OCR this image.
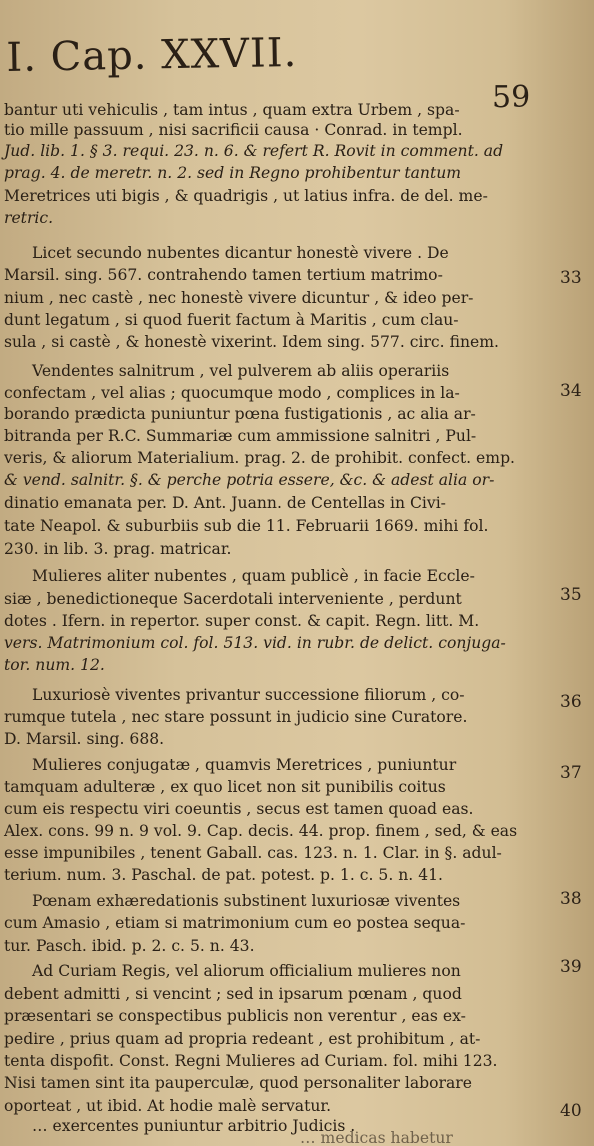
I. Cap. XXVII.
59
bantur uti vehiculis , tam intus , quam extra Urbem , spa-
tio mille passuum , nisi sacrificii causa · Conrad. in templ.
Jud. lib. 1. § 3. requi. 23. n. 6. & refert R. Rovit in comment. ad
prag. 4. de meretr. n. 2. sed in Regno prohibentur tantum
Meretrices uti bigis , & quadrigis , ut latius infra. de del. me-
retric.
Licet secundo nubentes dicantur honestè vivere . De
Marsil. sing. 567. contrahendo tamen tertium matrimo-
nium , nec castè , nec honestè vivere dicuntur , & ideo per-
dunt legatum , si quod fuerit factum à Maritis , cum clau-
sula , si castè , & honestè vixerint. Idem sing. 577. circ. finem.
Vendentes salnitrum , vel pulverem ab aliis operariis
confectam , vel alias ; quocumque modo , complices in la-
borando prædicta puniuntur pœna fustigationis , ac alia ar-
bitranda per R.C. Summariæ cum ammissione salnitri , Pul-
veris, & aliorum Materialium. prag. 2. de prohibit. confect. emp.
& vend. salnitr. §. & perche potria essere, &c. & adest alia or-
dinatio emanata per. D. Ant. Juann. de Centellas in Civi-
tate Neapol. & suburbiis sub die 11. Februarii 1669. mihi fol.
230. in lib. 3. prag. matricar.
Mulieres aliter nubentes , quam publicè , in facie Eccle-
siæ , benedictioneque Sacerdotali interveniente , perdunt
dotes . Ifern. in repertor. super const. & capit. Regn. litt. M.
vers. Matrimonium col. fol. 513. vid. in rubr. de delict. conjuga-
tor. num. 12.
Luxuriosè viventes privantur successione filiorum , co-
rumque tutela , nec stare possunt in judicio sine Curatore.
D. Marsil. sing. 688.
Mulieres conjugatæ , quamvis Meretrices , puniuntur
tamquam adulteræ , ex quo licet non sit punibilis coitus
cum eis respectu viri coeuntis , secus est tamen quoad eas.
Alex. cons. 99 n. 9 vol. 9. Cap. decis. 44. prop. finem , sed, & eas
esse impunibiles , tenent Gaball. cas. 123. n. 1. Clar. in §. adul-
terium. num. 3. Paschal. de pat. potest. p. 1. c. 5. n. 41.
Pœnam exhæredationis substinent luxuriosæ viventes
cum Amasio , etiam si matrimonium cum eo postea sequa-
tur. Pasch. ibid. p. 2. c. 5. n. 43.
Ad Curiam Regis, vel aliorum officialium mulieres non
debent admitti , si vencint ; sed in ipsarum pœnam , quod
præsentari se conspectibus publicis non verentur , eas ex-
pedire , prius quam ad propria redeant , est prohibitum , at-
tenta dispofit. Const. Regni Mulieres ad Curiam. fol. mihi 123.
Nisi tamen sint ita pauperculæ, quod personaliter laborare
oporteat , ut ibid. At hodie malè servatur.
… exercentes puniuntur arbitrio Judicis .
… medicas habetur
33
34
35
36
37
38
39
40
